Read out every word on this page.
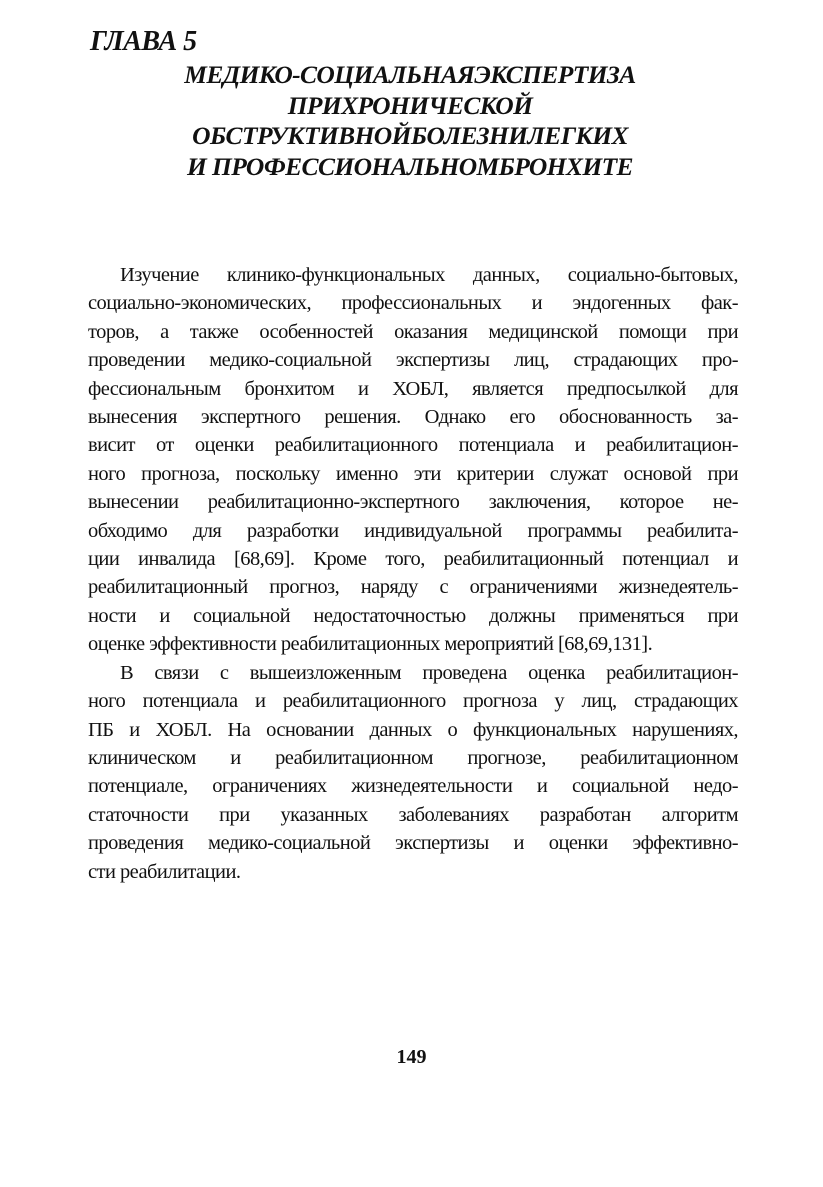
ГЛАВА 5
МЕДИКО-СОЦИАЛЬНАЯЭКСПЕРТИЗА
ПРИХРОНИЧЕСКОЙ
ОБСТРУКТИВНОЙБОЛЕЗНИЛЕГКИХ
И ПРОФЕССИОНАЛЬНОМБРОНХИТЕ
Изучение клинико-функциональных данных, социально-бытовых,
социально-экономических, профессиональных и эндогенных фак-
торов, а также особенностей оказания медицинской помощи при
проведении медико-социальной экспертизы лиц, страдающих про-
фессиональным бронхитом и ХОБЛ, является предпосылкой для
вынесения экспертного решения. Однако его обоснованность за-
висит от оценки реабилитационного потенциала и реабилитацион-
ного прогноза, поскольку именно эти критерии служат основой при
вынесении реабилитационно-экспертного заключения, которое не-
обходимо для разработки индивидуальной программы реабилита-
ции инвалида [68,69]. Кроме того, реабилитационный потенциал и
реабилитационный прогноз, наряду с ограничениями жизнедеятель-
ности и социальной недостаточностью должны применяться при
оценке эффективности реабилитационных мероприятий [68,69,131].
В связи с вышеизложенным проведена оценка реабилитацион-
ного потенциала и реабилитационного прогноза у лиц, страдающих
ПБ и ХОБЛ. На основании данных о функциональных нарушениях,
клиническом и реабилитационном прогнозе, реабилитационном
потенциале, ограничениях жизнедеятельности и социальной недо-
статочности при указанных заболеваниях разработан алгоритм
проведения медико-социальной экспертизы и оценки эффективно-
сти реабилитации.
149
